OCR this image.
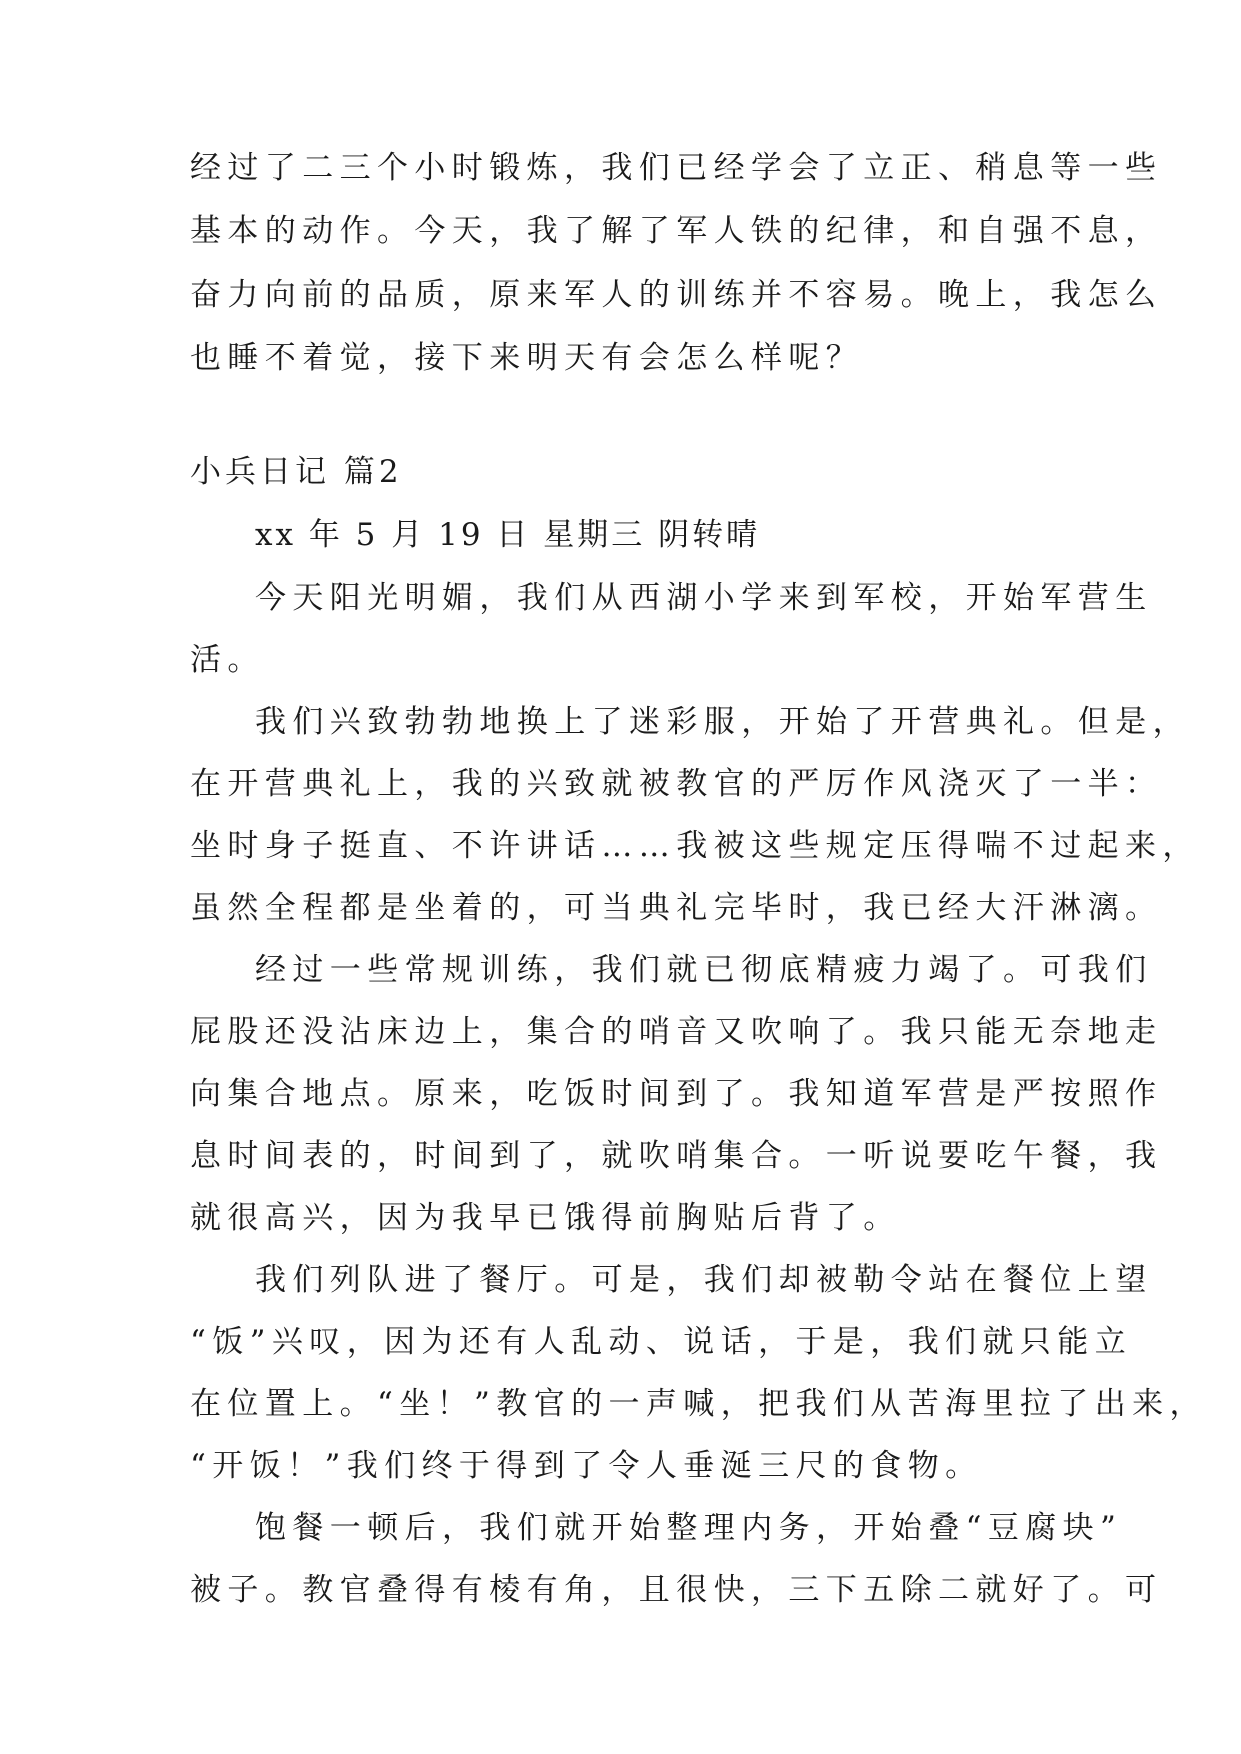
经过了二三个小时锻炼，我们已经学会了立正、稍息等一些
基本的动作。今天，我了解了军人铁的纪律，和自强不息，
奋力向前的品质，原来军人的训练并不容易。晚上，我怎么
也睡不着觉，接下来明天有会怎么样呢？
小兵日记 篇2
xx 年 5 月 19 日 星期三 阴转晴
今天阳光明媚，我们从西湖小学来到军校，开始军营生
活。
我们兴致勃勃地换上了迷彩服，开始了开营典礼。但是，
在开营典礼上，我的兴致就被教官的严厉作风浇灭了一半：
坐时身子挺直、不许讲话……我被这些规定压得喘不过起来，
虽然全程都是坐着的，可当典礼完毕时，我已经大汗淋漓。
经过一些常规训练，我们就已彻底精疲力竭了。可我们
屁股还没沾床边上，集合的哨音又吹响了。我只能无奈地走
向集合地点。原来，吃饭时间到了。我知道军营是严按照作
息时间表的，时间到了，就吹哨集合。一听说要吃午餐，我
就很高兴，因为我早已饿得前胸贴后背了。
我们列队进了餐厅。可是，我们却被勒令站在餐位上望
“饭”兴叹，因为还有人乱动、说话，于是，我们就只能立
在位置上。“坐！”教官的一声喊，把我们从苦海里拉了出来，
“开饭！”我们终于得到了令人垂涎三尺的食物。
饱餐一顿后，我们就开始整理内务，开始叠“豆腐块”
被子。教官叠得有棱有角，且很快，三下五除二就好了。可
